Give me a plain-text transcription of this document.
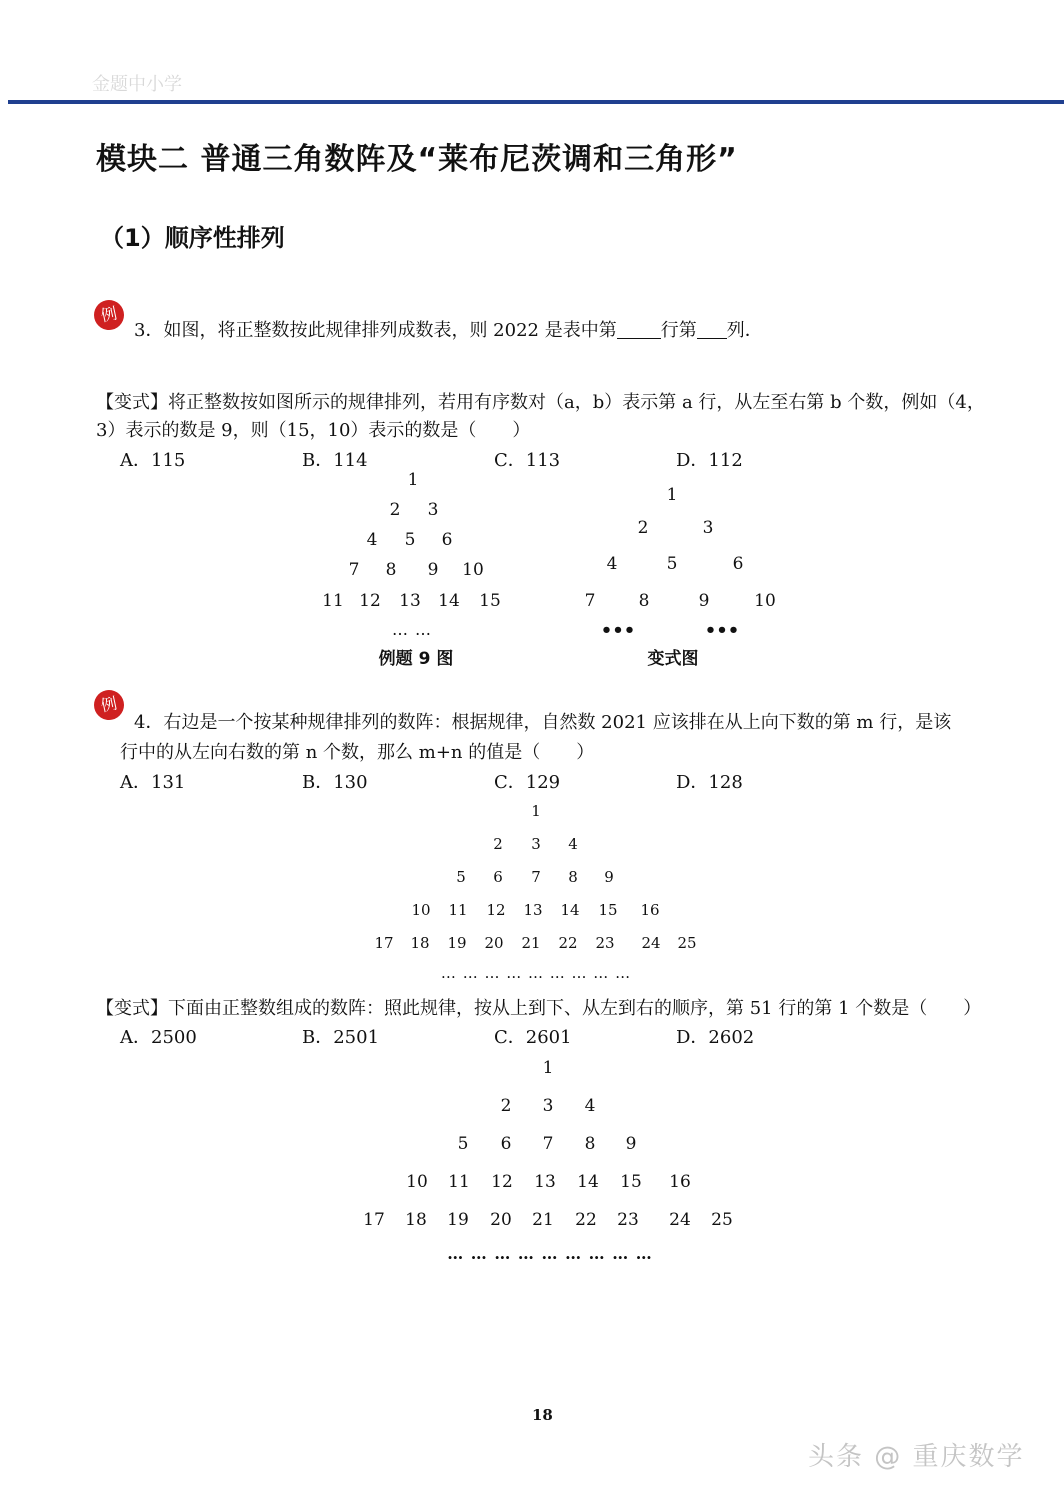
金题中小学
模块二 普通三角数阵及“莱布尼茨调和三角形”
（1）顺序性排列
例
3．如图，将正整数按此规律排列成数表，则 2022 是表中第 行第 列．
【变式】将正整数按如图所示的规律排列，若用有序数对（a，b）表示第 a 行，从左至右第 b 个数，例如（4，
3）表示的数是 9，则（15，10）表示的数是（　　）
A．115	B．114	C．113	D．112
1
2 3
4 5 6
7 8 9 10
11 12 13 14 15
… …
例题 9 图
1
2	3
4	5	6
7	8	9	10
•••	•••
变式图
例
4．右边是一个按某种规律排列的数阵：根据规律，自然数 2021 应该排在从上向下数的第 m 行，是该
行中的从左向右数的第 n 个数，那么 m+n 的值是（　　）
A．131	B．130	C．129	D．128
1
2 3 4
5 6 7 8 9
10 11 12 13 14 15 16
17 18 19 20 21 22 23 24 25
… … … … … … … … …
【变式】下面由正整数组成的数阵：照此规律，按从上到下、从左到右的顺序，第 51 行的第 1 个数是（　　）
A．2500	B．2501	C．2601	D．2602
1
2 3 4
5 6 7 8 9
10 11 12 13 14 15 16
17 18 19 20 21 22 23 24 25
… … … … … … … … …
18
头条 @ 重庆数学
